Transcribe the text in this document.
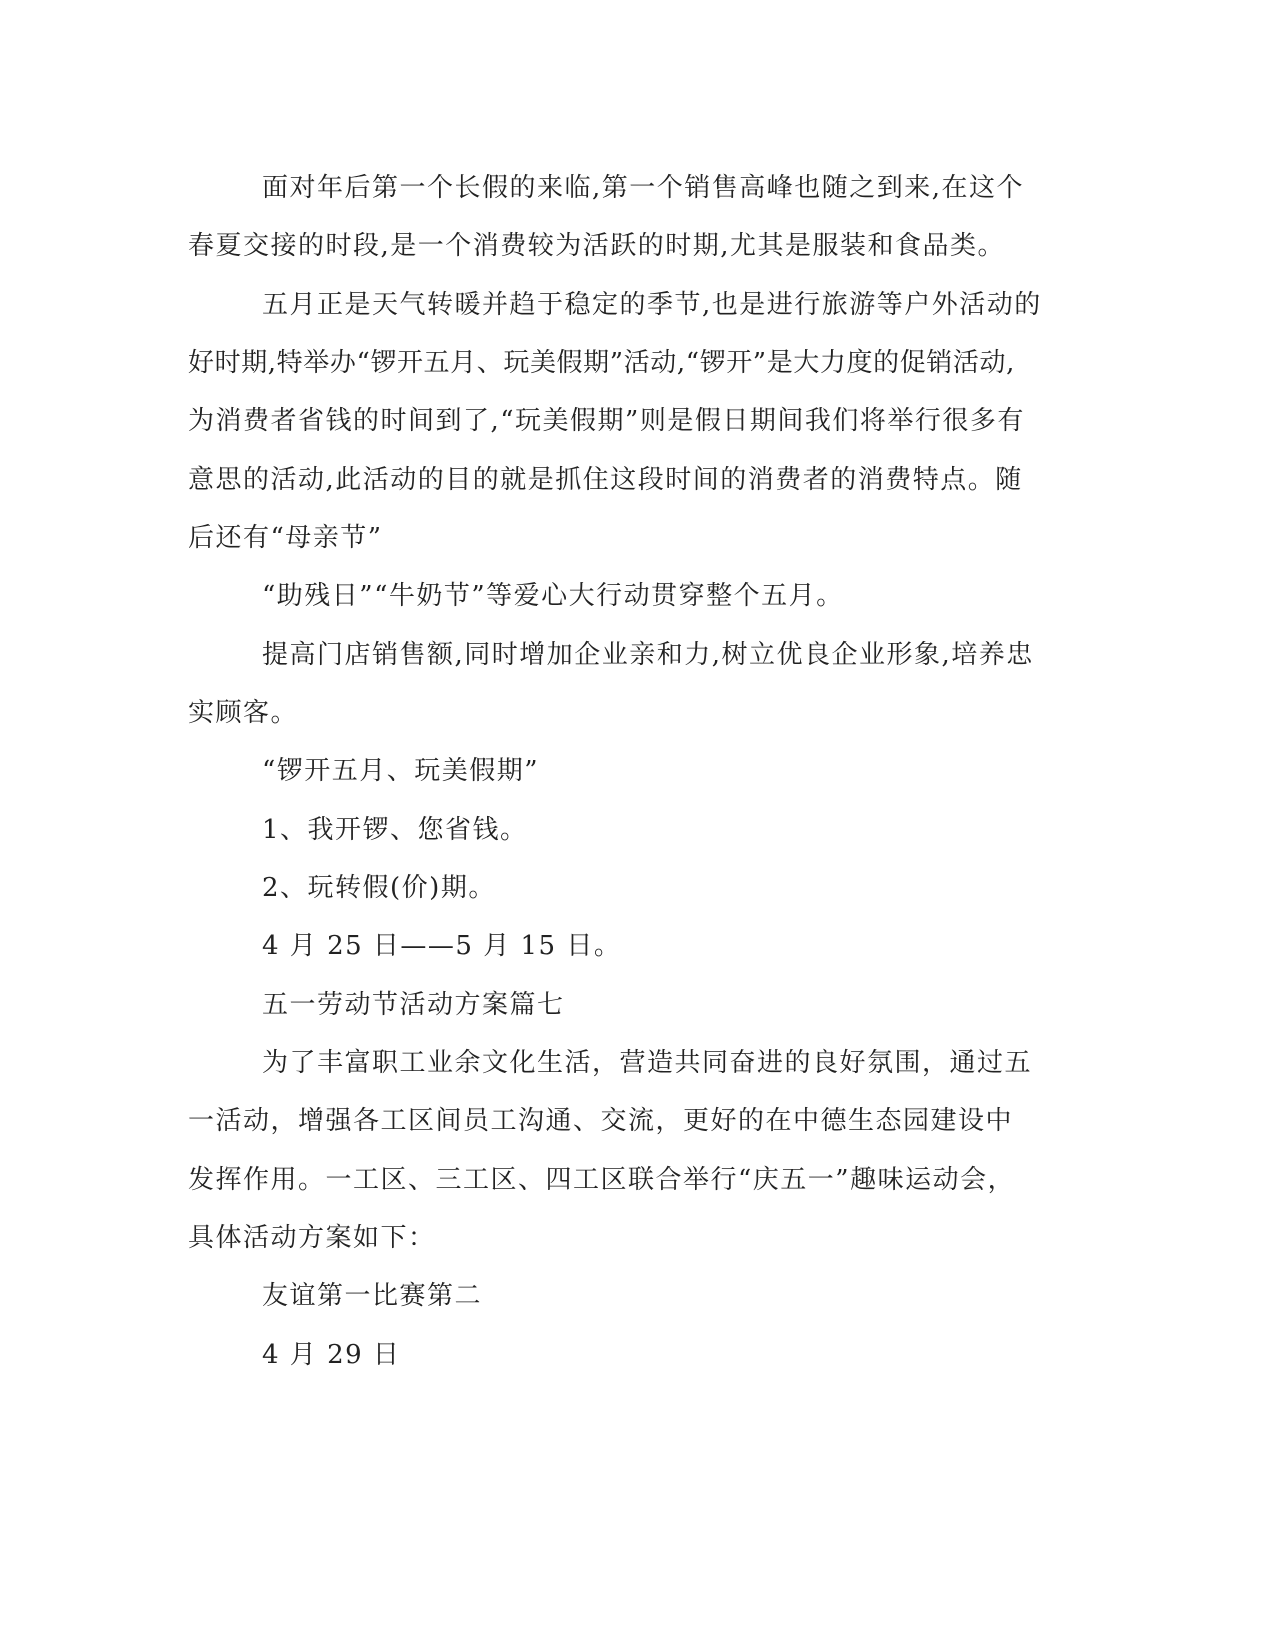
面对年后第一个长假的来临,第一个销售高峰也随之到来,在这个
春夏交接的时段,是一个消费较为活跃的时期,尤其是服装和食品类。
五月正是天气转暖并趋于稳定的季节,也是进行旅游等户外活动的
好时期,特举办“锣开五月、玩美假期”活动,“锣开”是大力度的促销活动,
为消费者省钱的时间到了,“玩美假期”则是假日期间我们将举行很多有
意思的活动,此活动的目的就是抓住这段时间的消费者的消费特点。随
后还有“母亲节”
“助残日”“牛奶节”等爱心大行动贯穿整个五月。
提高门店销售额,同时增加企业亲和力,树立优良企业形象,培养忠
实顾客。
“锣开五月、玩美假期”
1、我开锣、您省钱。
2、玩转假(价)期。
4 月 25 日——5 月 15 日。
五一劳动节活动方案篇七
为了丰富职工业余文化生活，营造共同奋进的良好氛围，通过五
一活动，增强各工区间员工沟通、交流，更好的在中德生态园建设中
发挥作用。一工区、三工区、四工区联合举行“庆五一”趣味运动会，
具体活动方案如下：
友谊第一比赛第二
4 月 29 日
